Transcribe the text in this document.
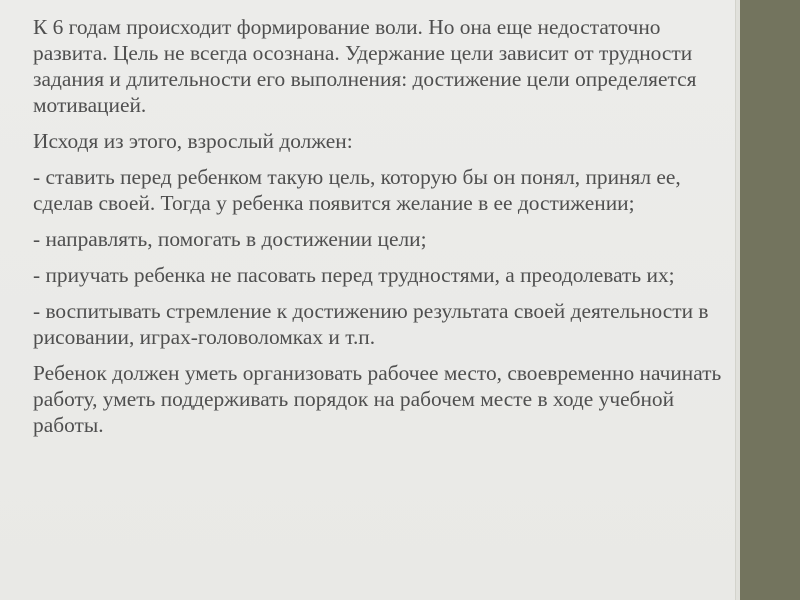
К 6 годам происходит формирование воли. Но она еще недостаточно развита. Цель не всегда осознана. Удержание цели зависит от трудности задания и длительности его выполнения: достижение цели определяется мотивацией.

Исходя из этого, взрослый должен:

- ставить перед ребенком такую цель, которую бы он понял, принял ее, сделав своей. Тогда у ребенка появится желание в ее достижении;

- направлять, помогать в достижении цели;

- приучать ребенка не пасовать перед трудностями, а преодолевать их;

- воспитывать стремление к достижению результата своей деятельности в рисовании, играх-головоломках и т.п.

Ребенок должен уметь организовать рабочее место, своевременно начинать работу, уметь поддерживать порядок на рабочем месте в ходе учебной работы.
